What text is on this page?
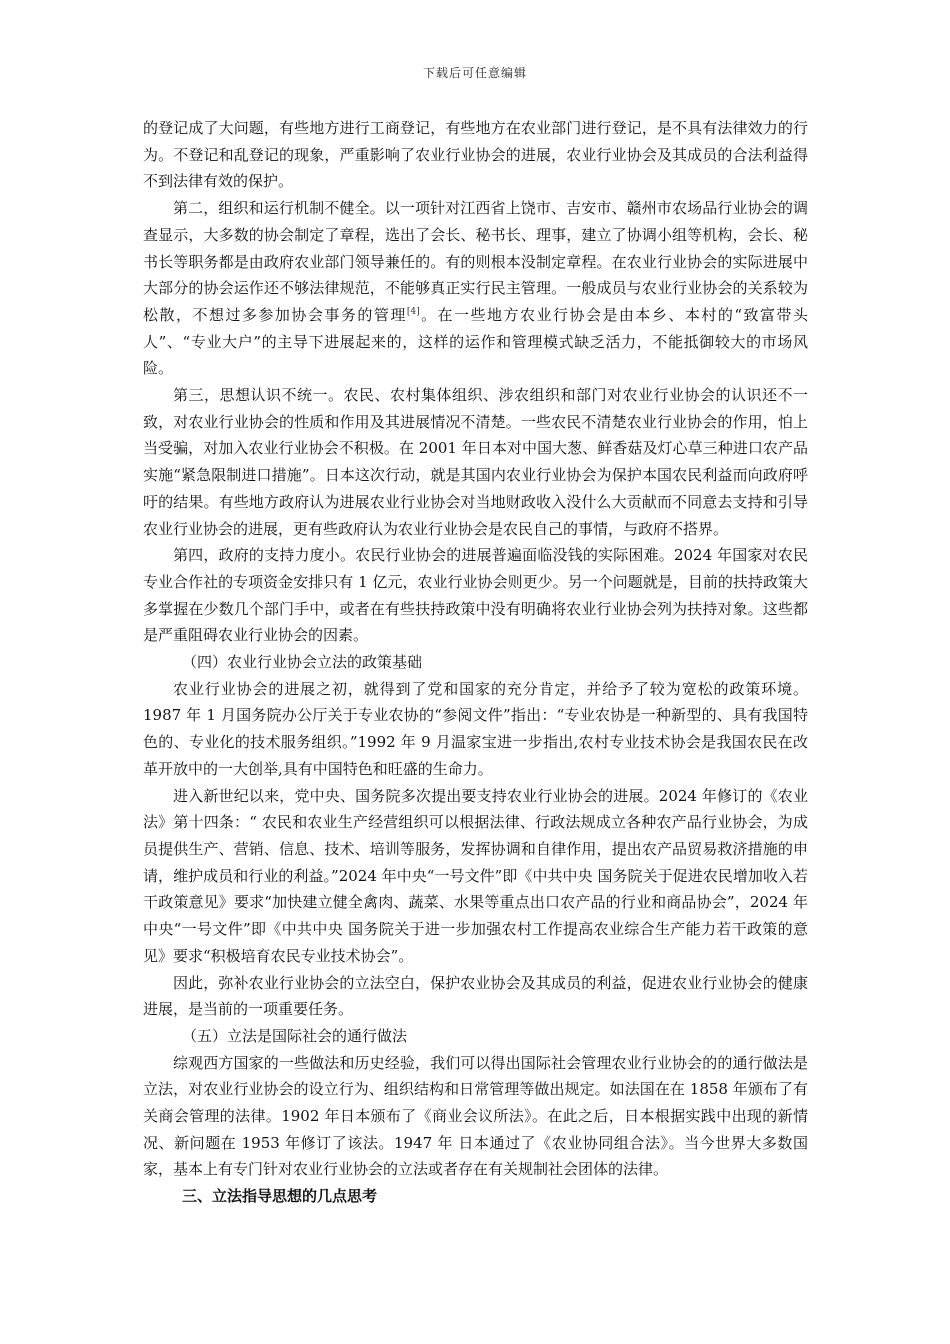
下载后可任意编辑

的登记成了大问题，有些地方进行工商登记，有些地方在农业部门进行登记，是不具有法律效力的行为。不登记和乱登记的现象，严重影响了农业行业协会的进展，农业行业协会及其成员的合法利益得不到法律有效的保护。

第二，组织和运行机制不健全。以一项针对江西省上饶市、吉安市、赣州市农场品行业协会的调查显示，大多数的协会制定了章程，选出了会长、秘书长、理事，建立了协调小组等机构，会长、秘书长等职务都是由政府农业部门领导兼任的。有的则根本没制定章程。在农业行业协会的实际进展中大部分的协会运作还不够法律规范，不能够真正实行民主管理。一般成员与农业行业协会的关系较为松散，不想过多参加协会事务的管理[4]。在一些地方农业行协会是由本乡、本村的“致富带头人”、“专业大户”的主导下进展起来的，这样的运作和管理模式缺乏活力，不能抵御较大的市场风险。

第三，思想认识不统一。农民、农村集体组织、涉农组织和部门对农业行业协会的认识还不一致，对农业行业协会的性质和作用及其进展情况不清楚。一些农民不清楚农业行业协会的作用，怕上当受骗，对加入农业行业协会不积极。在 2001 年日本对中国大葱、鲜香菇及灯心草三种进口农产品实施“紧急限制进口措施”。日本这次行动，就是其国内农业行业协会为保护本国农民利益而向政府呼吁的结果。有些地方政府认为进展农业行业协会对当地财政收入没什么大贡献而不同意去支持和引导农业行业协会的进展，更有些政府认为农业行业协会是农民自己的事情，与政府不搭界。

第四，政府的支持力度小。农民行业协会的进展普遍面临没钱的实际困难。2024 年国家对农民专业合作社的专项资金安排只有 1 亿元，农业行业协会则更少。另一个问题就是，目前的扶持政策大多掌握在少数几个部门手中，或者在有些扶持政策中没有明确将农业行业协会列为扶持对象。这些都是严重阻碍农业行业协会的因素。

（四）农业行业协会立法的政策基础

农业行业协会的进展之初，就得到了党和国家的充分肯定，并给予了较为宽松的政策环境。1987 年 1 月国务院办公厅关于专业农协的“参阅文件”指出：“专业农协是一种新型的、具有我国特色的、专业化的技术服务组织。”1992 年 9 月温家宝进一步指出,农村专业技术协会是我国农民在改革开放中的一大创举,具有中国特色和旺盛的生命力。

进入新世纪以来，党中央、国务院多次提出要支持农业行业协会的进展。2024 年修订的《农业法》第十四条：“ 农民和农业生产经营组织可以根据法律、行政法规成立各种农产品行业协会，为成员提供生产、营销、信息、技术、培训等服务，发挥协调和自律作用，提出农产品贸易救济措施的申请，维护成员和行业的利益。”2024 年中央“一号文件”即《中共中央 国务院关于促进农民增加收入若干政策意见》要求“加快建立健全禽肉、蔬菜、水果等重点出口农产品的行业和商品协会”，2024 年中央“一号文件”即《中共中央 国务院关于进一步加强农村工作提高农业综合生产能力若干政策的意见》要求“积极培育农民专业技术协会”。

因此，弥补农业行业协会的立法空白，保护农业协会及其成员的利益，促进农业行业协会的健康进展，是当前的一项重要任务。

（五）立法是国际社会的通行做法

综观西方国家的一些做法和历史经验，我们可以得出国际社会管理农业行业协会的的通行做法是立法，对农业行业协会的设立行为、组织结构和日常管理等做出规定。如法国在在 1858 年颁布了有关商会管理的法律。1902 年日本颁布了《商业会议所法》。在此之后，日本根据实践中出现的新情况、新问题在 1953 年修订了该法。1947 年 日本通过了《农业协同组合法》。当今世界大多数国家，基本上有专门针对农业行业协会的立法或者存在有关规制社会团体的法律。

三、立法指导思想的几点思考
